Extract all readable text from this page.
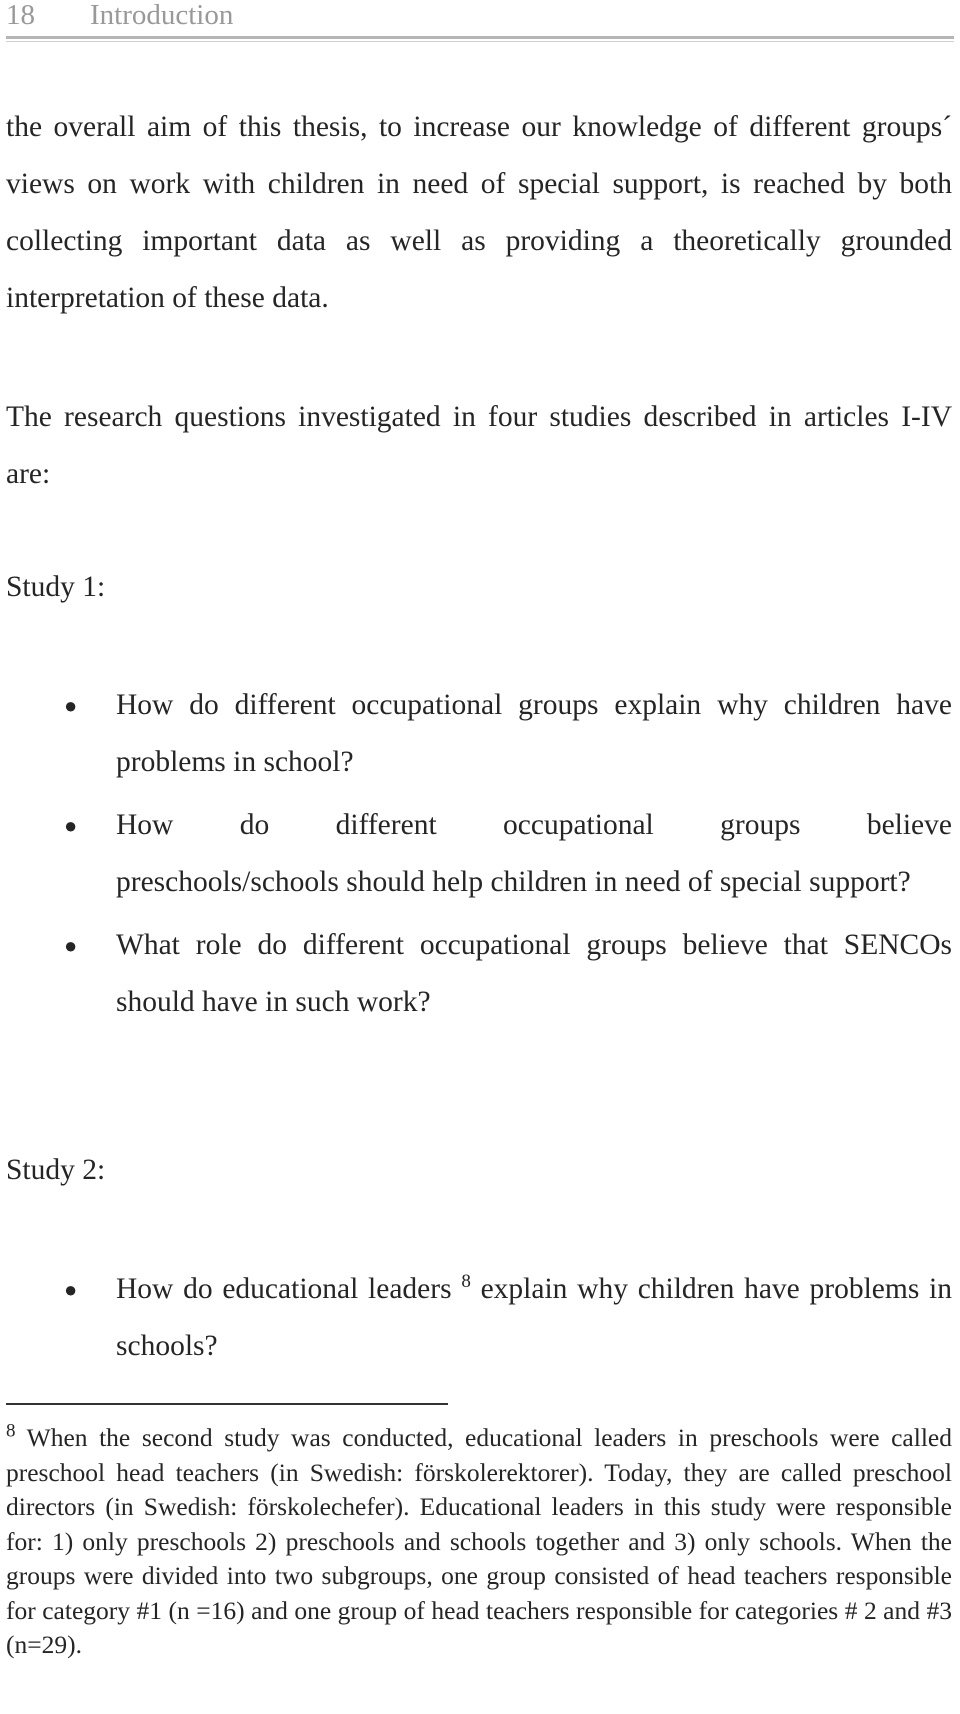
18 Introduction
the overall aim of this thesis, to increase our knowledge of different groups´ views on work with children in need of special support, is reached by both collecting important data as well as providing a theoretically grounded interpretation of these data.
The research questions investigated in four studies described in articles I-IV are:
Study 1:
● How do different occupational groups explain why children have problems in school?
● How do different occupational groups believe
preschools/schools should help children in need of special support?
● What role do different occupational groups believe that SENCOs should have in such work?
Study 2:
● How do educational leaders $^8$ explain why children have problems in schools?
$^8$ When the second study was conducted, educational leaders in preschools were called preschool head teachers (in Swedish: förskolerektorer). Today, they are called preschool directors (in Swedish: förskolechefer). Educational leaders in this study were responsible for: 1) only preschools 2) preschools and schools together and 3) only schools. When the groups were divided into two subgroups, one group consisted of head teachers responsible for category #1 (n =16) and one group of head teachers responsible for categories # 2 and #3 (n=29).
